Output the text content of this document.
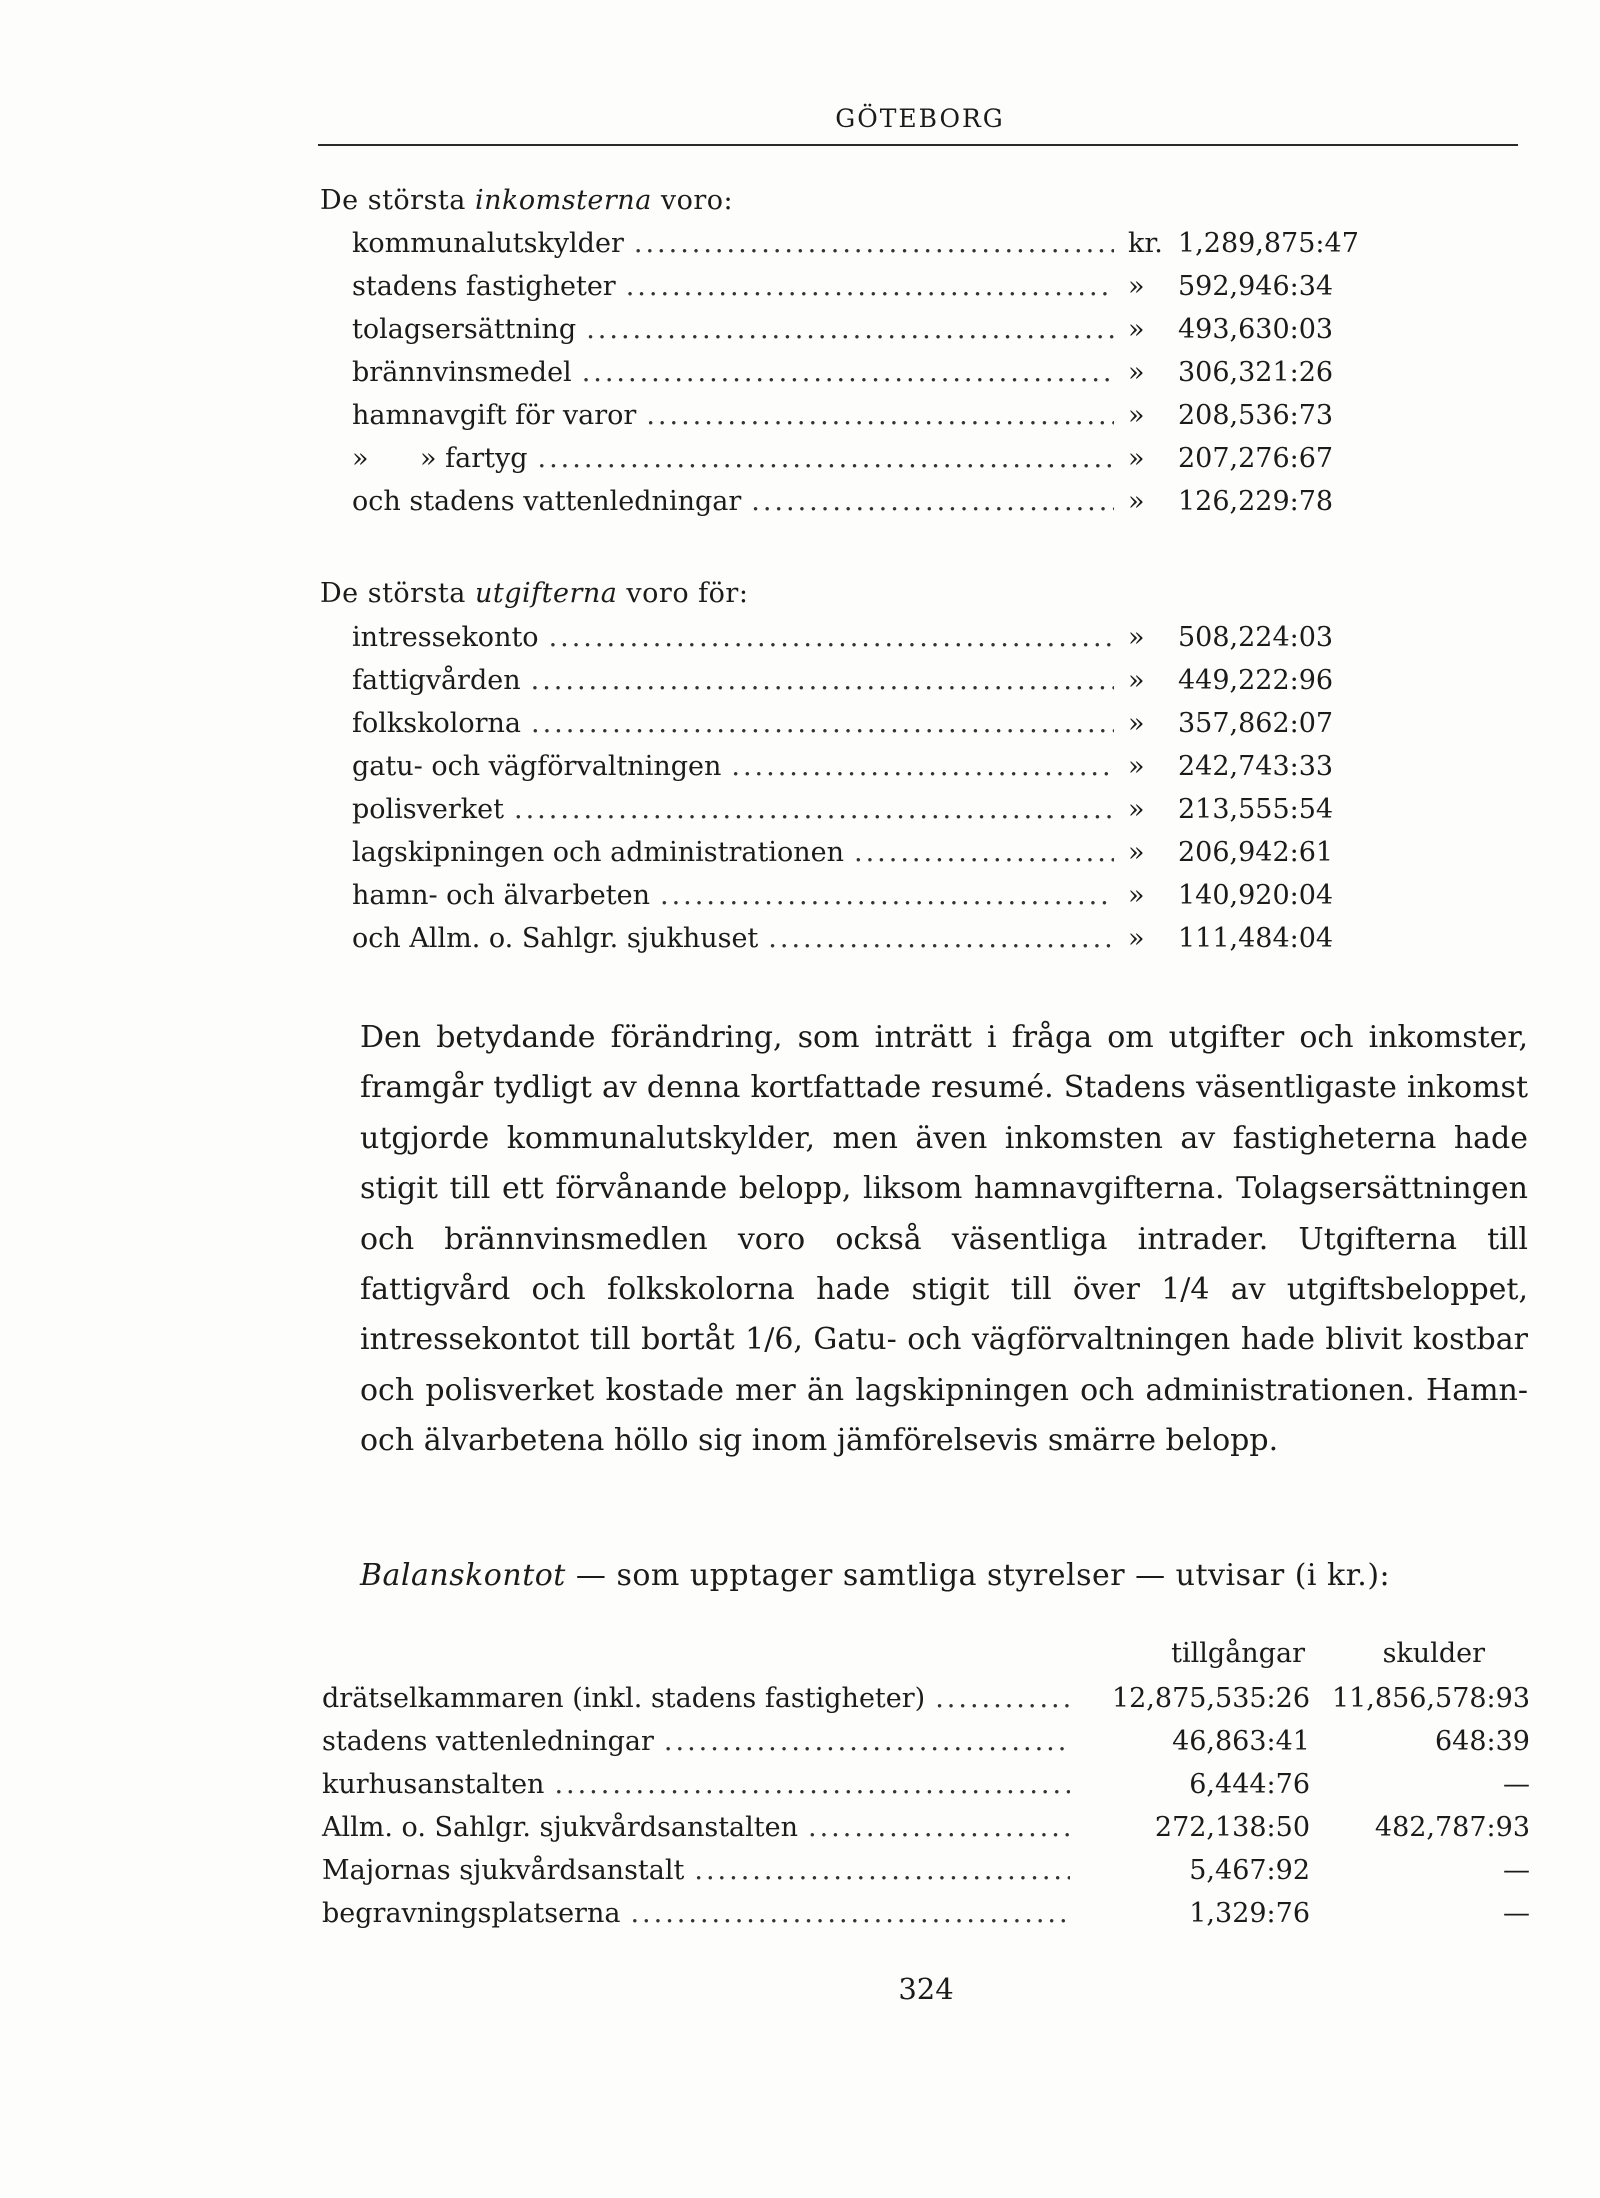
GÖTEBORG
De största inkomsterna voro:
kommunalutskylder .....	kr. 1,289,875:47
stadens fastigheter .....	»	592,946:34
tolagsersättning .....	»	493,630:03
brännvinsmedel .....	»	306,321:26
hamnavgift för varor .....	»	208,536:73
»      » fartyg .....	»	207,276:67
och stadens vattenledningar .....	»	126,229:78
De största utgifterna voro för:
intressekonto .....	»	508,224:03
fattigvården .....	»	449,222:96
folkskolorna .....	»	357,862:07
gatu- och vägförvaltningen .....	»	242,743:33
polisverket .....	»	213,555:54
lagskipningen och administrationen .....	»	206,942:61
hamn- och älvarbeten .....	»	140,920:04
och Allm. o. Sahlgr. sjukhuset .....	»	111,484:04

Den betydande förändring, som inträtt i fråga om utgifter och inkomster, framgår tydligt av denna kortfattade resumé. Stadens väsentligaste inkomst utgjorde kommunalutskylder, men även inkomsten av fastigheterna hade stigit till ett förvånande belopp, liksom hamnavgifterna. Tolagsersättningen och brännvinsmedlen voro också väsentliga intrader. Utgifterna till fattigvård och folkskolorna hade stigit till över 1/4 av utgiftsbeloppet, intressekontot till bortåt 1/6, Gatu- och vägförvaltningen hade blivit kostbar och polisverket kostade mer än lagskipningen och administrationen. Hamn- och älvarbetena höllo sig inom jämförelsevis smärre belopp.

Balanskontot — som upptager samtliga styrelser — utvisar (i kr.):
tillgångar	skulder
drätselkammaren (inkl. stadens fastigheter) .....	12,875,535:26 11,856,578:93
stadens vattenledningar .....	46,863:41	648:39
kurhusanstalten .....	6,444:76	—
Allm. o. Sahlgr. sjukvårdsanstalten .....	272,138:50	482,787:93
Majornas sjukvårdsanstalt .....	5,467:92	—
begravningsplatserna .....	1,329:76	—
324
